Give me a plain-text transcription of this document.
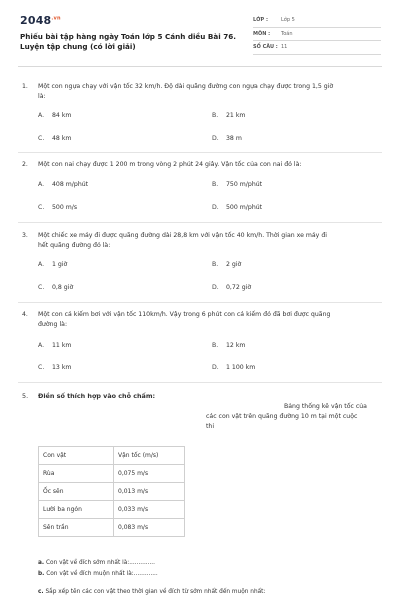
$2048^{.vn}$
Phiếu bài tập hàng ngày Toán lớp 5 Cánh diều Bài 76.
Luyện tập chung (có lời giải)
LỚP :	Lớp 5
MÔN :	Toán
SỐ CÂU : 11
1. Một con ngựa chạy với vận tốc 32 km/h. Độ dài quãng đường con ngựa chạy được trong 1,5 giờ
là:
A. 84 km	B. 21 km
C. 48 km	D. 38 m
2. Một con nai chạy được 1 200 m trong vòng 2 phút 24 giây. Vận tốc của con nai đó là:
A. 408 m/phút	B. 750 m/phút
C. 500 m/s	D. 500 m/phút
3. Một chiếc xe máy đi được quãng đường dài 28,8 km với vận tốc 40 km/h. Thời gian xe máy đi
hết quãng đường đó là:
A. 1 giờ	B. 2 giờ
C. 0,8 giờ	D. 0,72 giờ
4. Một con cá kiếm bơi với vận tốc 110km/h. Vậy trong 6 phút con cá kiếm đó đã bơi được quãng
đường là:
A. 11 km	B. 12 km
C. 13 km	D. 1 100 km
5. Điền số thích hợp vào chỗ chấm:
Bảng thống kê vận tốc của
các con vật trên quãng đường 10 m tại một cuộc
thi
Con vật	Vận tốc (m/s)
Rùa	0,075 m/s
Ốc sên	0,013 m/s
Lười ba ngón	0,033 m/s
Sên trần	0,083 m/s
a. Con vật về đích sớm nhất là:..............
b. Con vật về đích muộn nhất là:.............
c. Sắp xếp tên các con vật theo thời gian về đích từ sớm nhất đến muộn nhất:
